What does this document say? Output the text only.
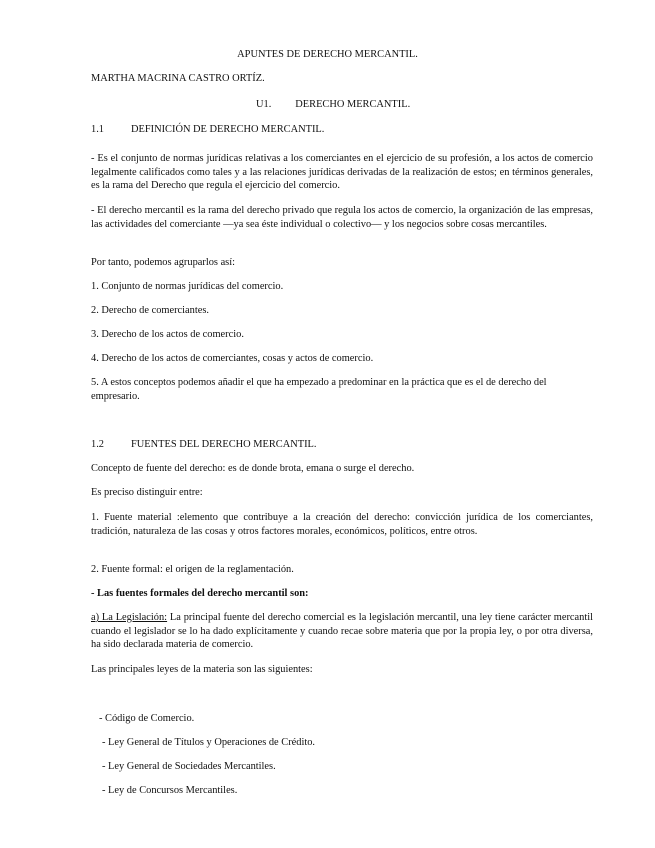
APUNTES DE DERECHO MERCANTIL.

MARTHA MACRINA CASTRO ORTÍZ.

U1. DERECHO MERCANTIL.

1.1	DEFINICIÓN DE DERECHO MERCANTIL.

- Es el conjunto de normas jurídicas relativas a los comerciantes en el ejercicio de su profesión, a los actos de comercio legalmente calificados como tales y a las relaciones jurídicas derivadas de la realización de estos; en términos generales, es la rama del Derecho que regula el ejercicio del comercio.

- El derecho mercantil es la rama del derecho privado que regula los actos de comercio, la organización de las empresas, las actividades del comerciante —ya sea éste individual o colectivo— y los negocios sobre cosas mercantiles.

Por tanto, podemos agruparlos así:

1. Conjunto de normas jurídicas del comercio.

2. Derecho de comerciantes.

3. Derecho de los actos de comercio.

4. Derecho de los actos de comerciantes, cosas y actos de comercio.

5. A estos conceptos podemos añadir el que ha empezado a predominar en la práctica que es el de derecho del empresario.

1.2	FUENTES DEL DERECHO MERCANTIL.

Concepto de fuente del derecho: es de donde brota, emana o surge el derecho.

Es preciso distinguir entre:

1. Fuente material :elemento que contribuye a la creación del derecho: convicción jurídica de los comerciantes, tradición, naturaleza de las cosas y otros factores morales, económicos, políticos, entre otros.

2. Fuente formal: el origen de la reglamentación.

- Las fuentes formales del derecho mercantil son:

a) La Legislación: La principal fuente del derecho comercial es la legislación mercantil, una ley tiene carácter mercantil cuando el legislador se lo ha dado explícitamente y cuando recae sobre materia que por la propia ley, o por otra diversa, ha sido declarada materia de comercio.

Las principales leyes de la materia son las siguientes:

- Código de Comercio.

- Ley General de Títulos y Operaciones de Crédito.

- Ley General de Sociedades Mercantiles.

- Ley de Concursos Mercantiles.
